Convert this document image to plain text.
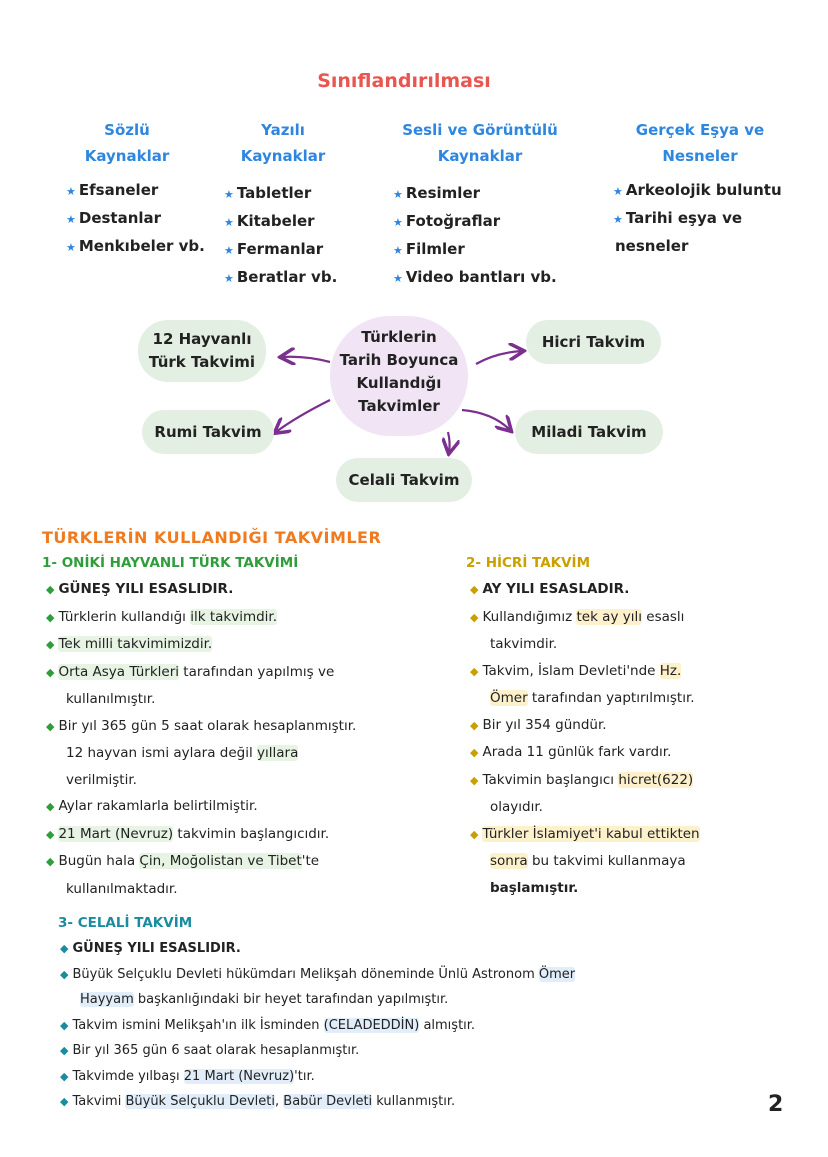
Sınıflandırılması
Sözlü
Kaynaklar
Yazılı
Kaynaklar
Sesli ve Görüntülü
Kaynaklar
Gerçek Eşya ve
Nesneler
★ Efsaneler
★ Destanlar
★ Menkıbeler vb.
★ Tabletler
★ Kitabeler
★ Fermanlar
★ Beratlar vb.
★ Resimler
★ Fotoğraflar
★ Filmler
★ Video bantları vb.
★ Arkeolojik buluntu
★ Tarihi eşya ve
nesneler
Türklerin
Tarih Boyunca
Kullandığı
Takvimler
12 Hayvanlı
Türk Takvimi
Hicri Takvim
Rumi Takvim	Miladi Takvim
Celali Takvim
TÜRKLERİN KULLANDIĞI TAKVİMLER
1- ONİKİ HAYVANLI TÜRK TAKVİMİ
◆ GÜNEŞ YILI ESASLIDIR.
◆ Türklerin kullandığı ilk takvimdir.
◆ Tek milli takvimimizdir.
◆ Orta Asya Türkleri tarafından yapılmış ve
kullanılmıştır.
◆ Bir yıl 365 gün 5 saat olarak hesaplanmıştır.
12 hayvan ismi aylara değil yıllara
verilmiştir.
◆ Aylar rakamlarla belirtilmiştir.
◆ 21 Mart (Nevruz) takvimin başlangıcıdır.
◆ Bugün hala Çin, Moğolistan ve Tibet'te
kullanılmaktadır.
2- HİCRİ TAKVİM
◆ AY YILI ESASLADIR.
◆ Kullandığımız tek ay yılı esaslı
takvimdir.
◆ Takvim, İslam Devleti'nde Hz.
Ömer tarafından yaptırılmıştır.
◆ Bir yıl 354 gündür.
◆ Arada 11 günlük fark vardır.
◆ Takvimin başlangıcı hicret(622)
olayıdır.
◆ Türkler İslamiyet'i kabul ettikten
sonra bu takvimi kullanmaya
başlamıştır.
3- CELALİ TAKVİM
◆ GÜNEŞ YILI ESASLIDIR.
◆ Büyük Selçuklu Devleti hükümdarı Melikşah döneminde Ünlü Astronom Ömer
Hayyam başkanlığındaki bir heyet tarafından yapılmıştır.
◆ Takvim ismini Melikşah'ın ilk İsminden (CELADEDDİN) almıştır.
◆ Bir yıl 365 gün 6 saat olarak hesaplanmıştır.
◆ Takvimde yılbaşı 21 Mart (Nevruz)'tır.
◆ Takvimi Büyük Selçuklu Devleti, Babür Devleti kullanmıştır.	2
